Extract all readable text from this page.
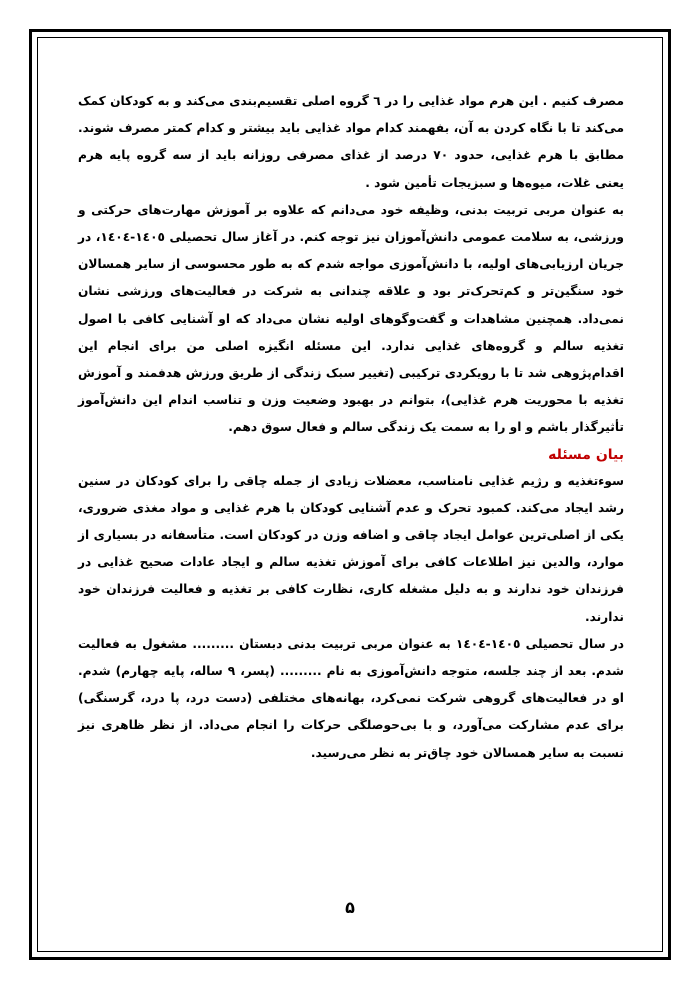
مصرف کنیم . این هرم مواد غذایی را در ٦ گروه اصلی تقسیم‌بندی می‌کند و به کودکان کمک می‌کند تا با نگاه کردن به آن، بفهمند کدام مواد غذایی باید بیشتر و کدام کمتر مصرف شوند. مطابق با هرم غذایی، حدود ٧٠ درصد از غذای مصرفی روزانه باید از سه گروه پایه هرم یعنی غلات، میوه‌ها و سبزیجات تأمین شود .

به عنوان مربی تربیت بدنی، وظیفه خود می‌دانم که علاوه بر آموزش مهارت‌های حرکتی و ورزشی، به سلامت عمومی دانش‌آموزان نیز توجه کنم. در آغاز سال تحصیلی ١٤٠٥-١٤٠٤، در جریان ارزیابی‌های اولیه، با دانش‌آموزی مواجه شدم که به طور محسوسی از سایر همسالان خود سنگین‌تر و کم‌تحرک‌تر بود و علاقه چندانی به شرکت در فعالیت‌های ورزشی نشان نمی‌داد. همچنین مشاهدات و گفت‌وگوهای اولیه نشان می‌داد که او آشنایی کافی با اصول تغذیه سالم و گروه‌های غذایی ندارد. این مسئله انگیزه اصلی من برای انجام این اقدام‌پژوهی شد تا با رویکردی ترکیبی (تغییر سبک زندگی از طریق ورزش هدفمند و آموزش تغذیه با محوریت هرم غذایی)، بتوانم در بهبود وضعیت وزن و تناسب اندام این دانش‌آموز تأثیرگذار باشم و او را به سمت یک زندگی سالم و فعال سوق دهم.

بیان مسئله

سوءتغذیه و رژیم غذایی نامناسب، معضلات زیادی از جمله چاقی را برای کودکان در سنین رشد ایجاد می‌کند. کمبود تحرک و عدم آشنایی کودکان با هرم غذایی و مواد مغذی ضروری، یکی از اصلی‌ترین عوامل ایجاد چاقی و اضافه وزن در کودکان است. متأسفانه در بسیاری از موارد، والدین نیز اطلاعات کافی برای آموزش تغذیه سالم و ایجاد عادات صحیح غذایی در فرزندان خود ندارند و به دلیل مشغله کاری، نظارت کافی بر تغذیه و فعالیت فرزندان خود ندارند.

در سال تحصیلی ١٤٠٥-١٤٠٤ به عنوان مربی تربیت بدنی دبستان ......... مشغول به فعالیت شدم. بعد از چند جلسه، متوجه دانش‌آموزی به نام ......... (پسر، ٩ ساله، پایه چهارم) شدم. او در فعالیت‌های گروهی شرکت نمی‌کرد، بهانه‌های مختلفی (دست درد، پا درد، گرسنگی) برای عدم مشارکت می‌آورد، و با بی‌حوصلگی حرکات را انجام می‌داد. از نظر ظاهری نیز نسبت به سایر همسالان خود چاق‌تر به نظر می‌رسید.

۵
